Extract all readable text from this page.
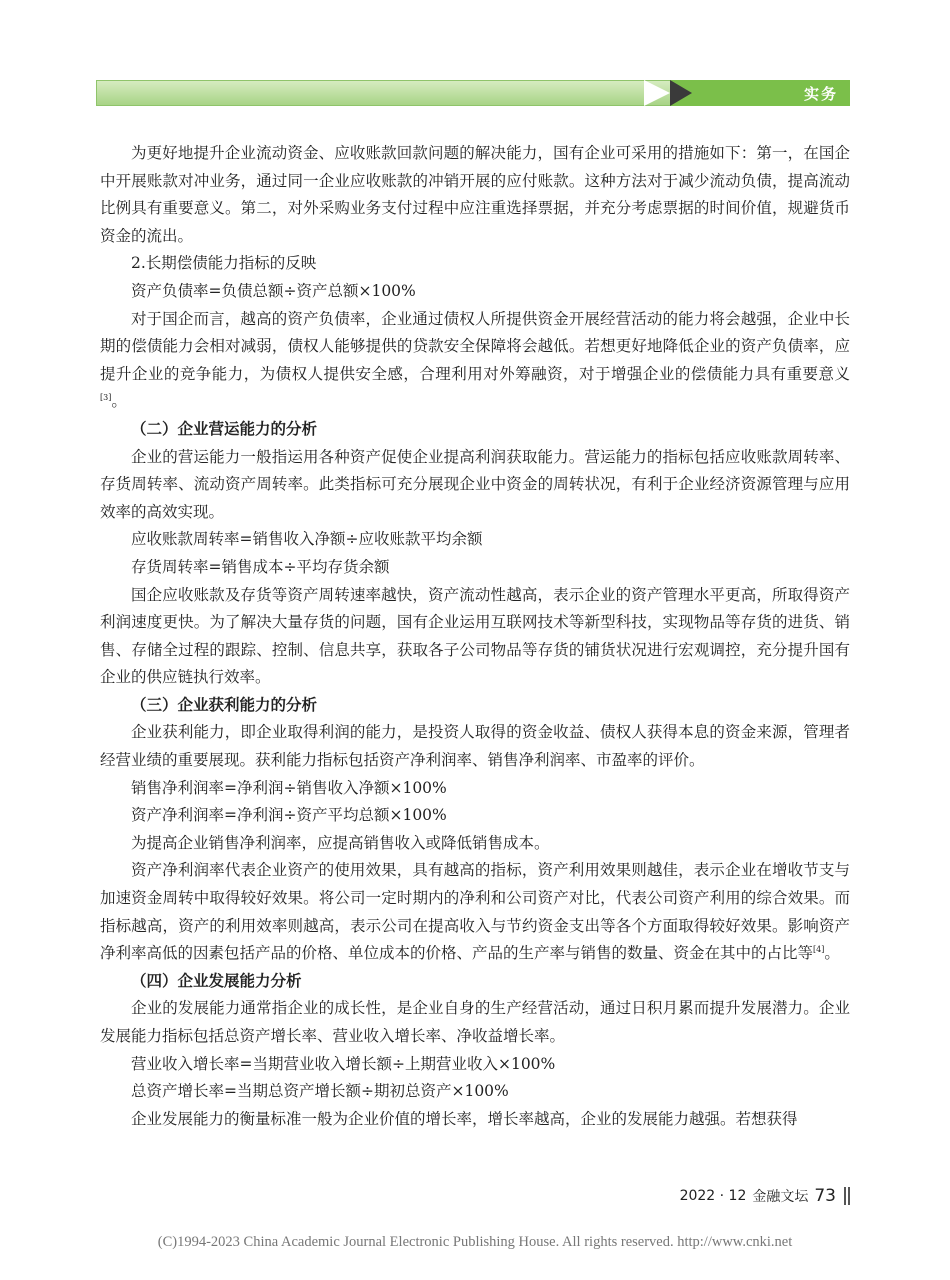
实务

为更好地提升企业流动资金、应收账款回款问题的解决能力，国有企业可采用的措施如下：第一，在国企中开展账款对冲业务，通过同一企业应收账款的冲销开展的应付账款。这种方法对于减少流动负债，提高流动比例具有重要意义。第二，对外采购业务支付过程中应注重选择票据，并充分考虑票据的时间价值，规避货币资金的流出。

2.长期偿债能力指标的反映

资产负债率=负债总额÷资产总额×100%

对于国企而言，越高的资产负债率，企业通过债权人所提供资金开展经营活动的能力将会越强，企业中长期的偿债能力会相对减弱，债权人能够提供的贷款安全保障将会越低。若想更好地降低企业的资产负债率，应提升企业的竞争能力，为债权人提供安全感，合理利用对外筹融资，对于增强企业的偿债能力具有重要意义[3]。

（二）企业营运能力的分析

企业的营运能力一般指运用各种资产促使企业提高利润获取能力。营运能力的指标包括应收账款周转率、存货周转率、流动资产周转率。此类指标可充分展现企业中资金的周转状况，有利于企业经济资源管理与应用效率的高效实现。

应收账款周转率=销售收入净额÷应收账款平均余额

存货周转率=销售成本÷平均存货余额

国企应收账款及存货等资产周转速率越快，资产流动性越高，表示企业的资产管理水平更高，所取得资产利润速度更快。为了解决大量存货的问题，国有企业运用互联网技术等新型科技，实现物品等存货的进货、销售、存储全过程的跟踪、控制、信息共享，获取各子公司物品等存货的铺货状况进行宏观调控，充分提升国有企业的供应链执行效率。

（三）企业获利能力的分析

企业获利能力，即企业取得利润的能力，是投资人取得的资金收益、债权人获得本息的资金来源，管理者经营业绩的重要展现。获利能力指标包括资产净利润率、销售净利润率、市盈率的评价。

销售净利润率=净利润÷销售收入净额×100%

资产净利润率=净利润÷资产平均总额×100%

为提高企业销售净利润率，应提高销售收入或降低销售成本。

资产净利润率代表企业资产的使用效果，具有越高的指标，资产利用效果则越佳，表示企业在增收节支与加速资金周转中取得较好效果。将公司一定时期内的净利和公司资产对比，代表公司资产利用的综合效果。而指标越高，资产的利用效率则越高，表示公司在提高收入与节约资金支出等各个方面取得较好效果。影响资产净利率高低的因素包括产品的价格、单位成本的价格、产品的生产率与销售的数量、资金在其中的占比等[4]。

（四）企业发展能力分析

企业的发展能力通常指企业的成长性，是企业自身的生产经营活动，通过日积月累而提升发展潜力。企业发展能力指标包括总资产增长率、营业收入增长率、净收益增长率。

营业收入增长率=当期营业收入增长额÷上期营业收入×100%

总资产增长率=当期总资产增长额÷期初总资产×100%

企业发展能力的衡量标准一般为企业价值的增长率，增长率越高，企业的发展能力越强。若想获得

2022 · 12 金融文坛 73
(C)1994-2023 China Academic Journal Electronic Publishing House. All rights reserved. http://www.cnki.net
